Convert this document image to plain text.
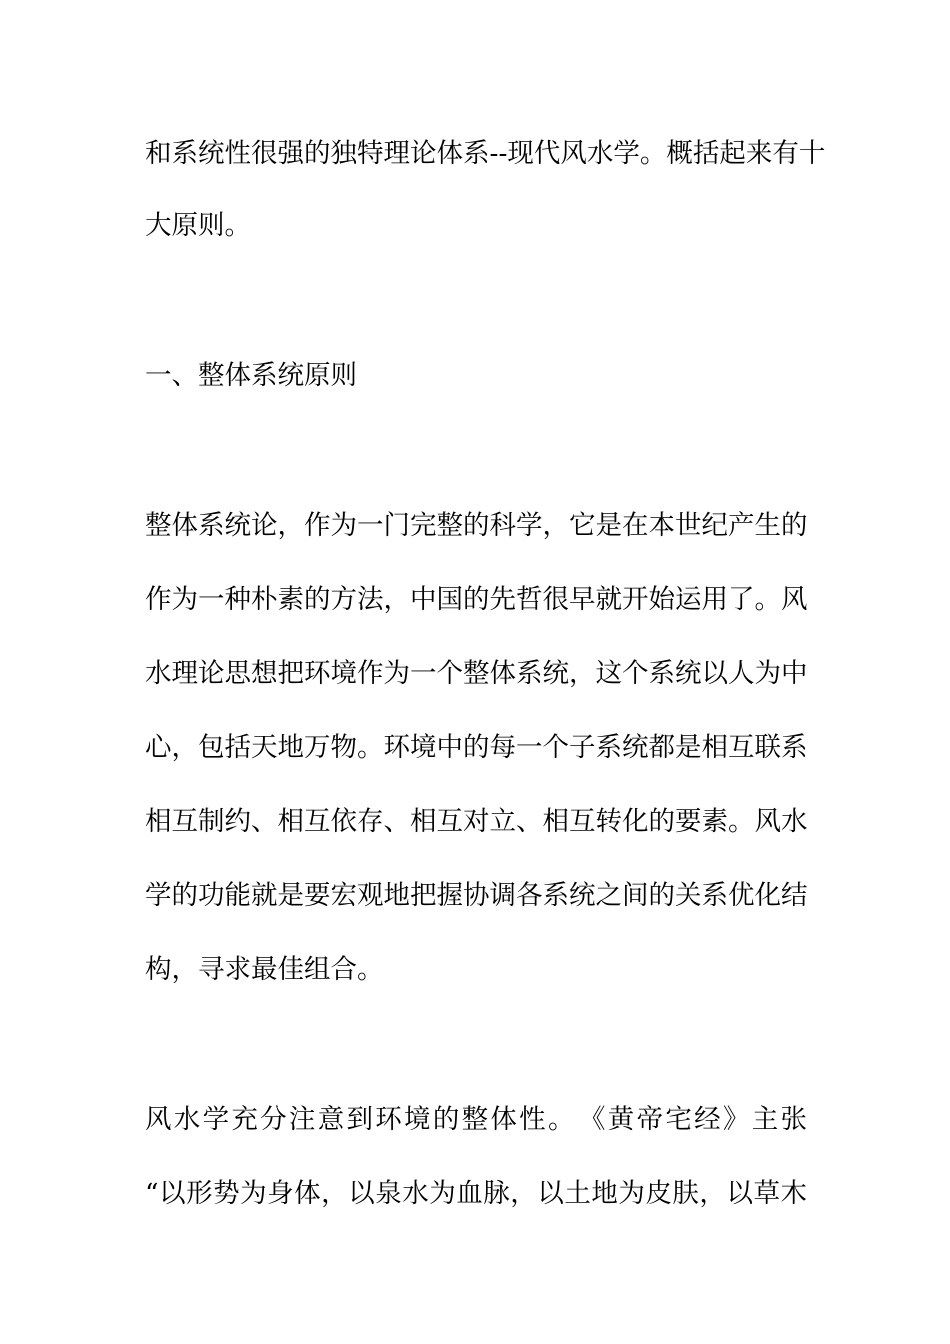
和系统性很强的独特理论体系--现代风水学。概括起来有十
大原则。
一、整体系统原则
整体系统论，作为一门完整的科学，它是在本世纪产生的
作为一种朴素的方法，中国的先哲很早就开始运用了。风
水理论思想把环境作为一个整体系统，这个系统以人为中
心，包括天地万物。环境中的每一个子系统都是相互联系
相互制约、相互依存、相互对立、相互转化的要素。风水
学的功能就是要宏观地把握协调各系统之间的关系优化结
构，寻求最佳组合。
风水学充分注意到环境的整体性。　《黄帝宅经》主张
“以形势为身体，以泉水为血脉，以土地为皮肤，以草木
